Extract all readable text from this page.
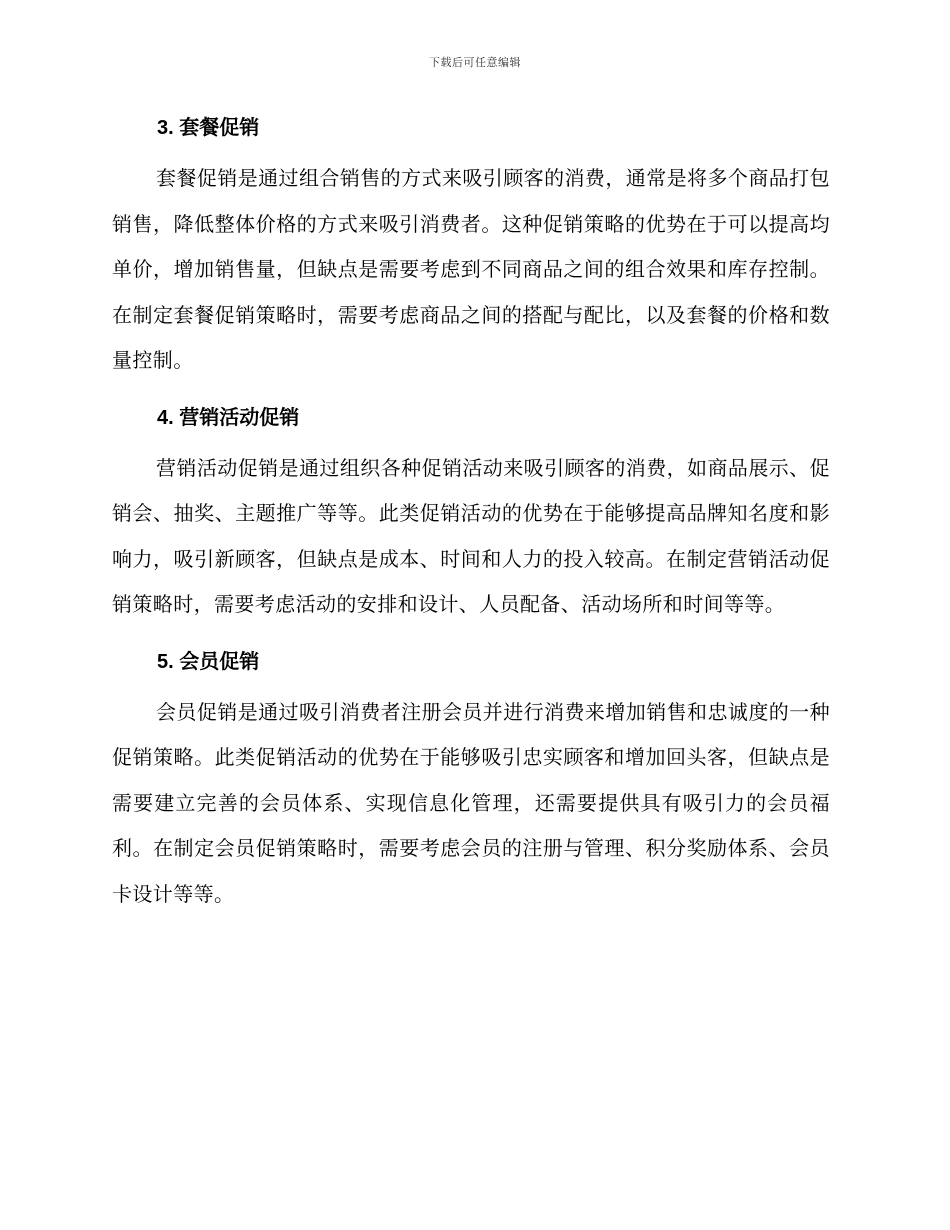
下载后可任意编辑
3. 套餐促销

套餐促销是通过组合销售的方式来吸引顾客的消费，通常是将多个商品打包销售，降低整体价格的方式来吸引消费者。这种促销策略的优势在于可以提高均单价，增加销售量，但缺点是需要考虑到不同商品之间的组合效果和库存控制。在制定套餐促销策略时，需要考虑商品之间的搭配与配比，以及套餐的价格和数量控制。

4. 营销活动促销

营销活动促销是通过组织各种促销活动来吸引顾客的消费，如商品展示、促销会、抽奖、主题推广等等。此类促销活动的优势在于能够提高品牌知名度和影响力，吸引新顾客，但缺点是成本、时间和人力的投入较高。在制定营销活动促销策略时，需要考虑活动的安排和设计、人员配备、活动场所和时间等等。

5. 会员促销

会员促销是通过吸引消费者注册会员并进行消费来增加销售和忠诚度的一种促销策略。此类促销活动的优势在于能够吸引忠实顾客和增加回头客，但缺点是需要建立完善的会员体系、实现信息化管理，还需要提供具有吸引力的会员福利。在制定会员促销策略时，需要考虑会员的注册与管理、积分奖励体系、会员卡设计等等。
